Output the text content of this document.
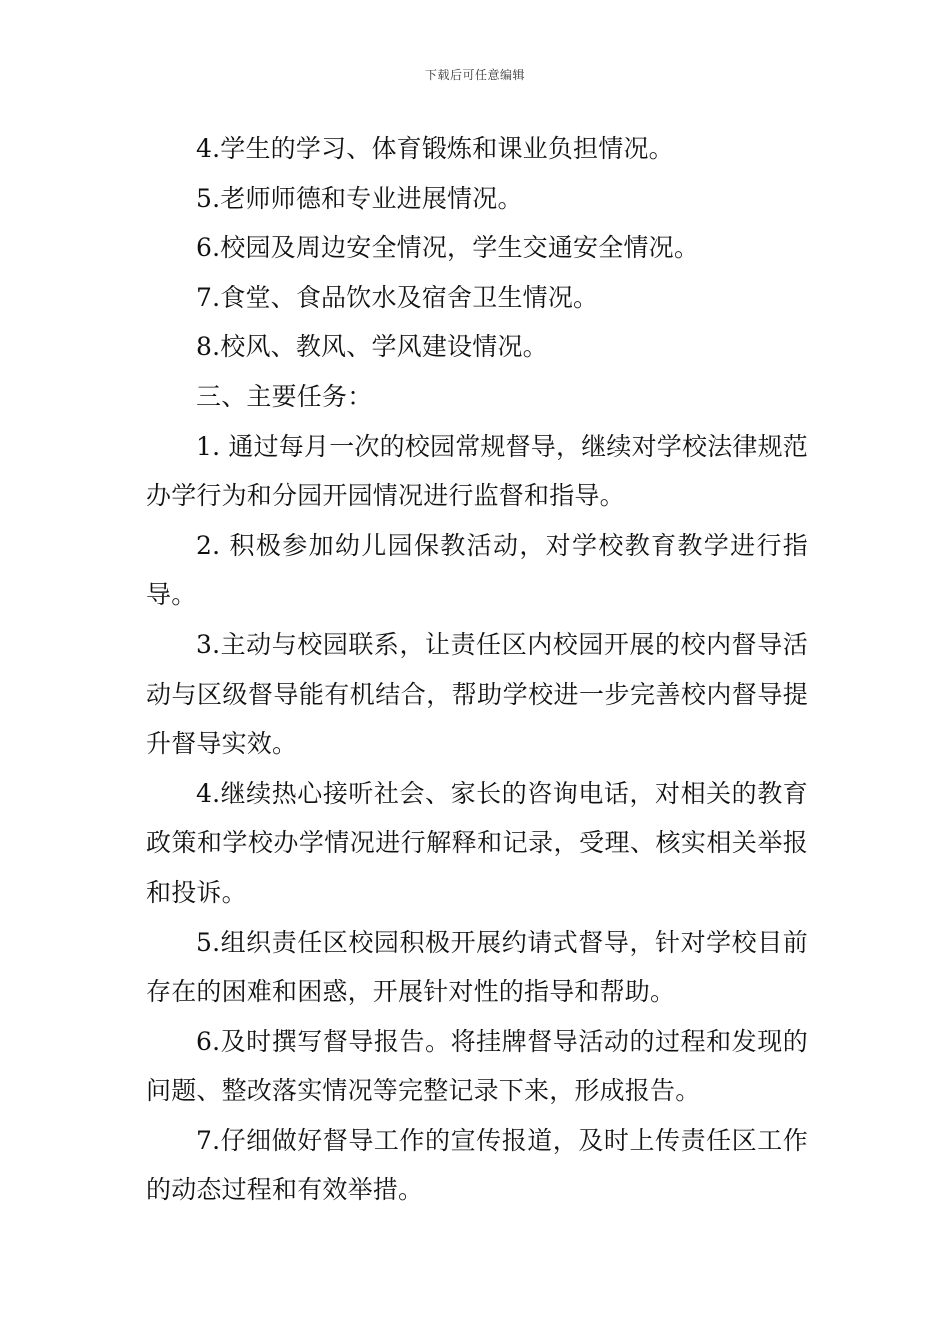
下载后可任意编辑

4.学生的学习、体育锻炼和课业负担情况。

5.老师师德和专业进展情况。

6.校园及周边安全情况，学生交通安全情况。

7.食堂、食品饮水及宿舍卫生情况。

8.校风、教风、学风建设情况。

三、主要任务：

1. 通过每月一次的校园常规督导，继续对学校法律规范办学行为和分园开园情况进行监督和指导。

2. 积极参加幼儿园保教活动，对学校教育教学进行指导。

3.主动与校园联系，让责任区内校园开展的校内督导活动与区级督导能有机结合，帮助学校进一步完善校内督导提升督导实效。

4.继续热心接听社会、家长的咨询电话，对相关的教育政策和学校办学情况进行解释和记录，受理、核实相关举报和投诉。

5.组织责任区校园积极开展约请式督导，针对学校目前存在的困难和困惑，开展针对性的指导和帮助。

6.及时撰写督导报告。将挂牌督导活动的过程和发现的问题、整改落实情况等完整记录下来，形成报告。

7.仔细做好督导工作的宣传报道，及时上传责任区工作的动态过程和有效举措。
